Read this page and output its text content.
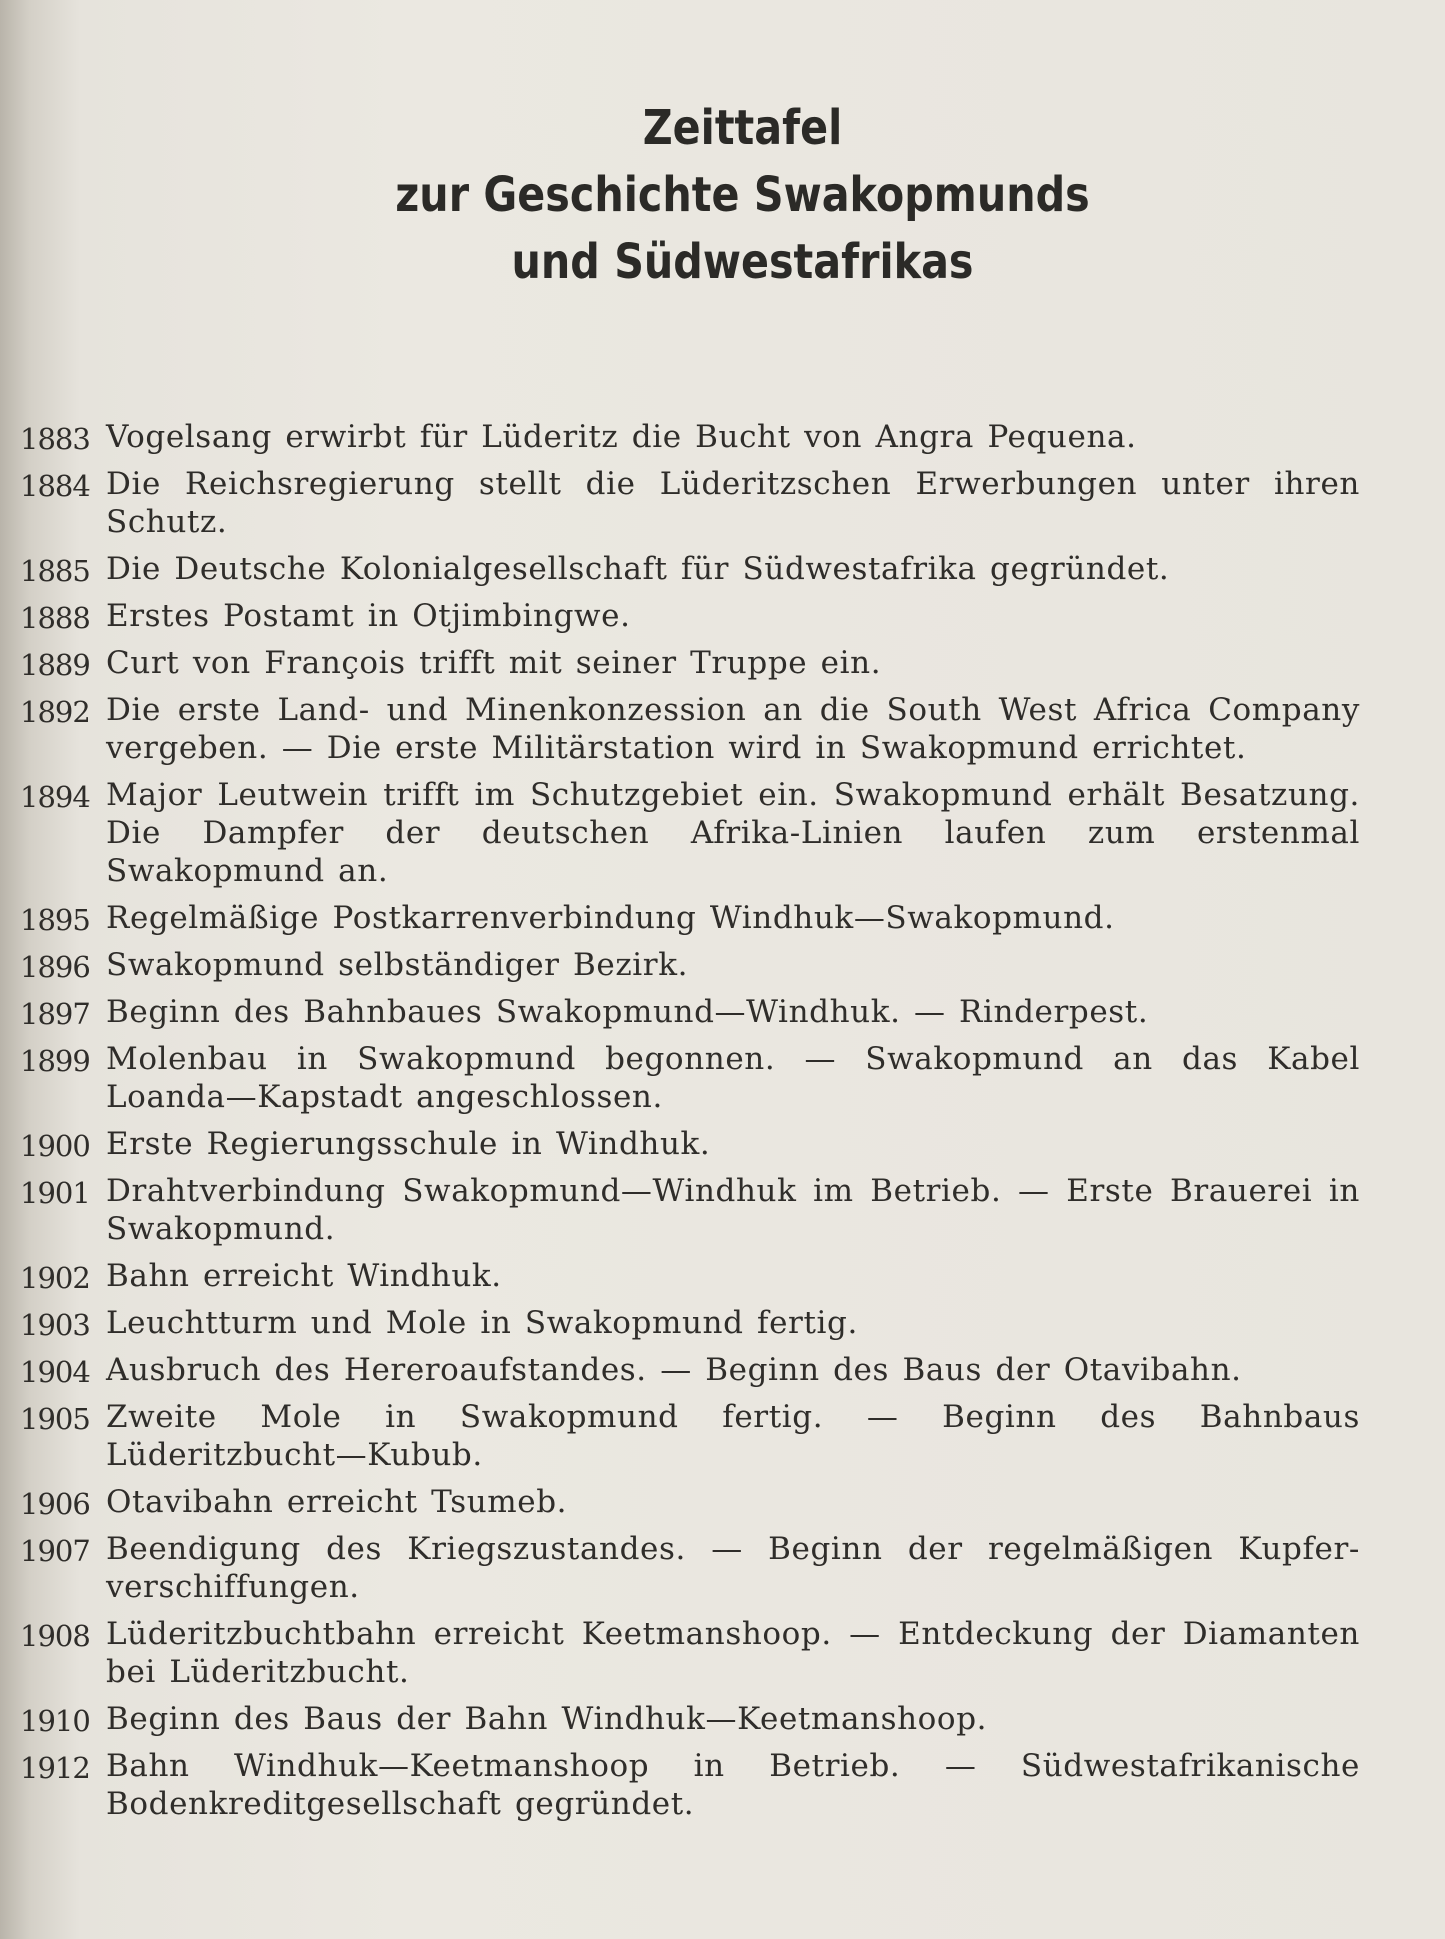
Zeittafel
zur Geschichte Swakopmunds
und Südwestafrikas
1883 Vogelsang erwirbt für Lüderitz die Bucht von Angra Pequena.
1884 Die Reichsregierung stellt die Lüderitzschen Erwerbungen unter ihren Schutz.
1885 Die Deutsche Kolonialgesellschaft für Südwestafrika gegründet.
1888 Erstes Postamt in Otjimbingwe.
1889 Curt von François trifft mit seiner Truppe ein.
1892 Die erste Land- und Minenkonzession an die South West Africa Company vergeben. — Die erste Militärstation wird in Swakopmund errichtet.
1894 Major Leutwein trifft im Schutzgebiet ein. Swakopmund erhält Besatzung. Die Dampfer der deutschen Afrika-Linien laufen zum erstenmal Swakopmund an.
1895 Regelmäßige Postkarrenverbindung Windhuk—Swakopmund.
1896 Swakopmund selbständiger Bezirk.
1897 Beginn des Bahnbaues Swakopmund—Windhuk. — Rinderpest.
1899 Molenbau in Swakopmund begonnen. — Swakopmund an das Kabel Loanda—Kapstadt angeschlossen.
1900 Erste Regierungsschule in Windhuk.
1901 Drahtverbindung Swakopmund—Windhuk im Betrieb. — Erste Brauerei in Swakopmund.
1902 Bahn erreicht Windhuk.
1903 Leuchtturm und Mole in Swakopmund fertig.
1904 Ausbruch des Hereroaufstandes. — Beginn des Baus der Otavibahn.
1905 Zweite Mole in Swakopmund fertig. — Beginn des Bahnbaus Lüderitzbucht—Kubub.
1906 Otavibahn erreicht Tsumeb.
1907 Beendigung des Kriegszustandes. — Beginn der regelmäßigen Kupfer-verschiffungen.
1908 Lüderitzbuchtbahn erreicht Keetmanshoop. — Entdeckung der Diamanten bei Lüderitzbucht.
1910 Beginn des Baus der Bahn Windhuk—Keetmanshoop.
1912 Bahn Windhuk—Keetmanshoop in Betrieb. — Südwestafrikanische Bodenkreditgesellschaft gegründet.
